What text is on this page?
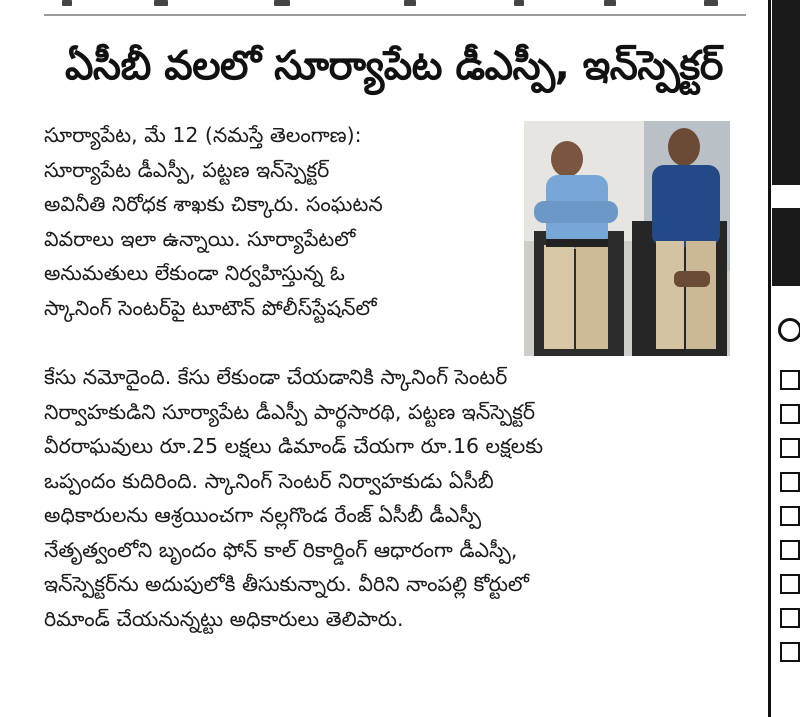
ఏసీబీ వలలో సూర్యాపేట డీఎస్పీ, ఇన్‌స్పెక్టర్
సూర్యాపేట, మే 12 (నమస్తే తెలంగాణ):
సూర్యాపేట డీఎస్పీ, పట్టణ ఇన్‌స్పెక్టర్
అవినీతి నిరోధక శాఖకు చిక్కారు. సంఘటన
వివరాలు ఇలా ఉన్నాయి. సూర్యాపేటలో
అనుమతులు లేకుండా నిర్వహిస్తున్న ఓ
స్కానింగ్ సెంటర్‌పై టూటౌన్ పోలీస్‌స్టేషన్‌లో
కేసు నమోదైంది. కేసు లేకుండా చేయడానికి స్కానింగ్ సెంటర్
నిర్వాహకుడిని సూర్యాపేట డీఎస్పీ పార్థసారథి, పట్టణ ఇన్‌స్పెక్టర్
వీరరాఘవులు రూ.25 లక్షలు డిమాండ్ చేయగా రూ.16 లక్షలకు
ఒప్పందం కుదిరింది. స్కానింగ్ సెంటర్ నిర్వాహకుడు ఏసీబీ
అధికారులను ఆశ్రయించగా నల్లగొండ రేంజ్ ఏసీబీ డీఎస్పీ
నేతృత్వంలోని బృందం ఫోన్ కాల్ రికార్డింగ్ ఆధారంగా డీఎస్పీ,
ఇన్‌స్పెక్టర్‌ను అదుపులోకి తీసుకున్నారు. వీరిని నాంపల్లి కోర్టులో
రిమాండ్ చేయనున్నట్టు అధికారులు తెలిపారు.
